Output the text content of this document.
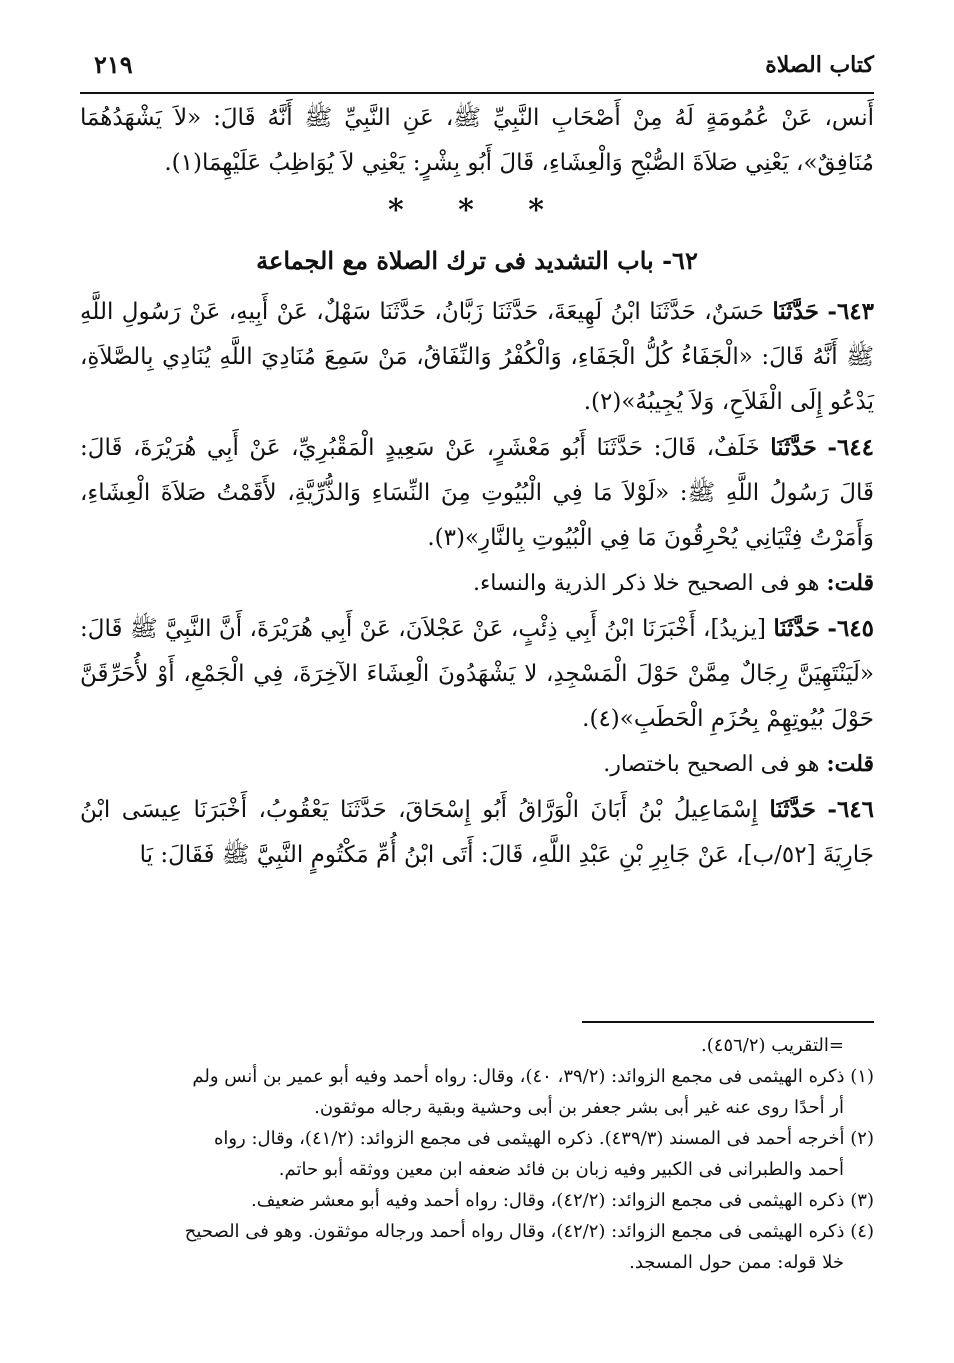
كتاب الصلاة
٢١٩

أَنس، عَنْ عُمُومَةٍ لَهُ مِنْ أَصْحَابِ النَّبِيِّ ﷺ، عَنِ النَّبِيِّ ﷺ أَنَّهُ قَالَ: «لاَ يَشْهَدُهُمَا مُنَافِقٌ»، يَعْنِي صَلاَةَ الصُّبْحِ وَالْعِشَاءِ، قَالَ أَبُو بِشْرٍ: يَعْنِي لاَ يُوَاظِبُ عَلَيْهِمَا(١).

* * *
٦٢- باب التشديد فى ترك الصلاة مع الجماعة

٦٤٣- حَدَّثَنَا حَسَنٌ، حَدَّثَنَا ابْنُ لَهِيعَةَ، حَدَّثَنَا زَبَّانُ، حَدَّثَنَا سَهْلٌ، عَنْ أَبِيهِ، عَنْ رَسُولِ اللَّهِ ﷺ أَنَّهُ قَالَ: «الْجَفَاءُ كُلُّ الْجَفَاءِ، وَالْكُفْرُ وَالنِّفَاقُ، مَنْ سَمِعَ مُنَادِيَ اللَّهِ يُنَادِي بِالصَّلاَةِ، يَدْعُو إِلَى الْفَلاَحِ، وَلاَ يُجِيبُهُ»(٢).

٦٤٤- حَدَّثَنَا خَلَفٌ، قَالَ: حَدَّثَنَا أَبُو مَعْشَرٍ، عَنْ سَعِيدٍ الْمَقْبُرِيِّ، عَنْ أَبِي هُرَيْرَةَ، قَالَ: قَالَ رَسُولُ اللَّهِ ﷺ: «لَوْلاَ مَا فِي الْبُيُوتِ مِنَ النِّسَاءِ وَالذُّرِّيَّةِ، لأَقَمْتُ صَلاَةَ الْعِشَاءِ، وَأَمَرْتُ فِتْيَانِي يُحْرِقُونَ مَا فِي الْبُيُوتِ بِالنَّارِ»(٣).

قلت: هو فى الصحيح خلا ذكر الذرية والنساء.

٦٤٥- حَدَّثَنَا [يزيدُ]، أَخْبَرَنَا ابْنُ أَبِي ذِئْبٍ، عَنْ عَجْلاَنَ، عَنْ أَبِي هُرَيْرَةَ، أَنَّ النَّبِيَّ ﷺ قَالَ: «لَيَنْتَهِيَنَّ رِجَالٌ مِمَّنْ حَوْلَ الْمَسْجِدِ، لا يَشْهَدُونَ الْعِشَاءَ الآخِرَةَ، فِي الْجَمْعِ، أَوْ لأُحَرِّقَنَّ حَوْلَ بُيُوتِهِمْ بِحُزَمِ الْحَطَبِ»(٤).

قلت: هو فى الصحيح باختصار.

٦٤٦- حَدَّثَنَا إِسْمَاعِيلُ بْنُ أَبَانَ الْوَرَّاقُ أَبُو إِسْحَاقَ، حَدَّثَنَا يَعْقُوبُ، أَخْبَرَنَا عِيسَى ابْنُ جَارِيَةَ [٥٢/ب]، عَنْ جَابِرِ بْنِ عَبْدِ اللَّهِ، قَالَ: أَتَى ابْنُ أُمِّ مَكْتُومٍ النَّبِيَّ ﷺ فَقَالَ: يَا

=التقريب (٤٥٦/٢).

(١) ذكره الهيثمى فى مجمع الزوائد: (٣٩/٢، ٤٠)، وقال: رواه أحمد وفيه أبو عمير بن أنس ولم

أر أحدًا روى عنه غير أبى بشر جعفر بن أبى وحشية وبقية رجاله موثقون.

(٢) أخرجه أحمد فى المسند (٤٣٩/٣). ذكره الهيثمى فى مجمع الزوائد: (٤١/٢)، وقال: رواه

أحمد والطبرانى فى الكبير وفيه زبان بن فائد ضعفه ابن معين ووثقه أبو حاتم.

(٣) ذكره الهيثمى فى مجمع الزوائد: (٤٢/٢)، وقال: رواه أحمد وفيه أبو معشر ضعيف.

(٤) ذكره الهيثمى فى مجمع الزوائد: (٤٢/٢)، وقال رواه أحمد ورجاله موثقون. وهو فى الصحيح

خلا قوله: ممن حول المسجد.
